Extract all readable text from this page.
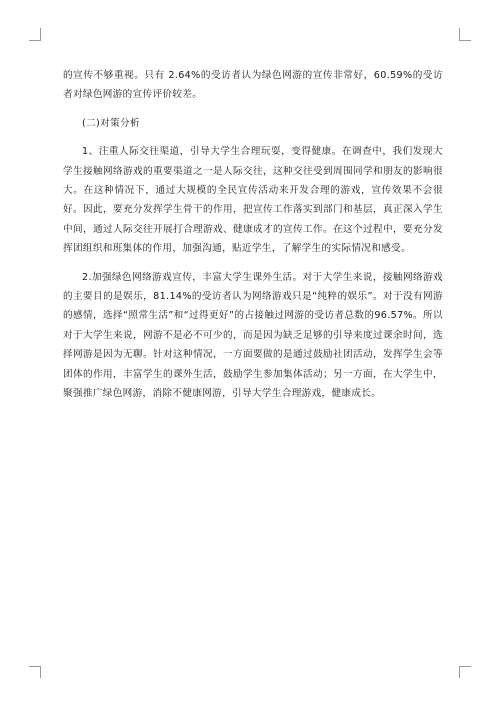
的宣传不够重视。只有 2.64%的受访者认为绿色网游的宣传非常好，60.59%的受访者对绿色网游的宣传评价较差。

(二)对策分析

1、注重人际交往渠道，引导大学生合理玩耍，变得健康。在调查中，我们发现大学生接触网络游戏的重要渠道之一是人际交往，这种交往受到周围同学和朋友的影响很大。在这种情况下，通过大规模的全民宣传活动来开发合理的游戏，宣传效果不会很好。因此，要充分发挥学生骨干的作用，把宣传工作落实到部门和基层，真正深入学生中间，通过人际交往开展打合理游戏、健康成才的宣传工作。在这个过程中，要充分发挥团组织和班集体的作用，加强沟通，贴近学生，了解学生的实际情况和感受。

2.加强绿色网络游戏宣传，丰富大学生课外生活。对于大学生来说，接触网络游戏的主要目的是娱乐，81.14%的受访者认为网络游戏只是“纯粹的娱乐”。对于没有网游的感情，选择“照常生活”和“过得更好”的占接触过网游的受访者总数的96.57%。所以对于大学生来说，网游不是必不可少的，而是因为缺乏足够的引导来度过课余时间，选择网游是因为无聊。针对这种情况，一方面要做的是通过鼓励社团活动，发挥学生会等团体的作用，丰富学生的课外生活，鼓励学生参加集体活动；另一方面，在大学生中，聚强推广绿色网游，消除不健康网游，引导大学生合理游戏，健康成长。
